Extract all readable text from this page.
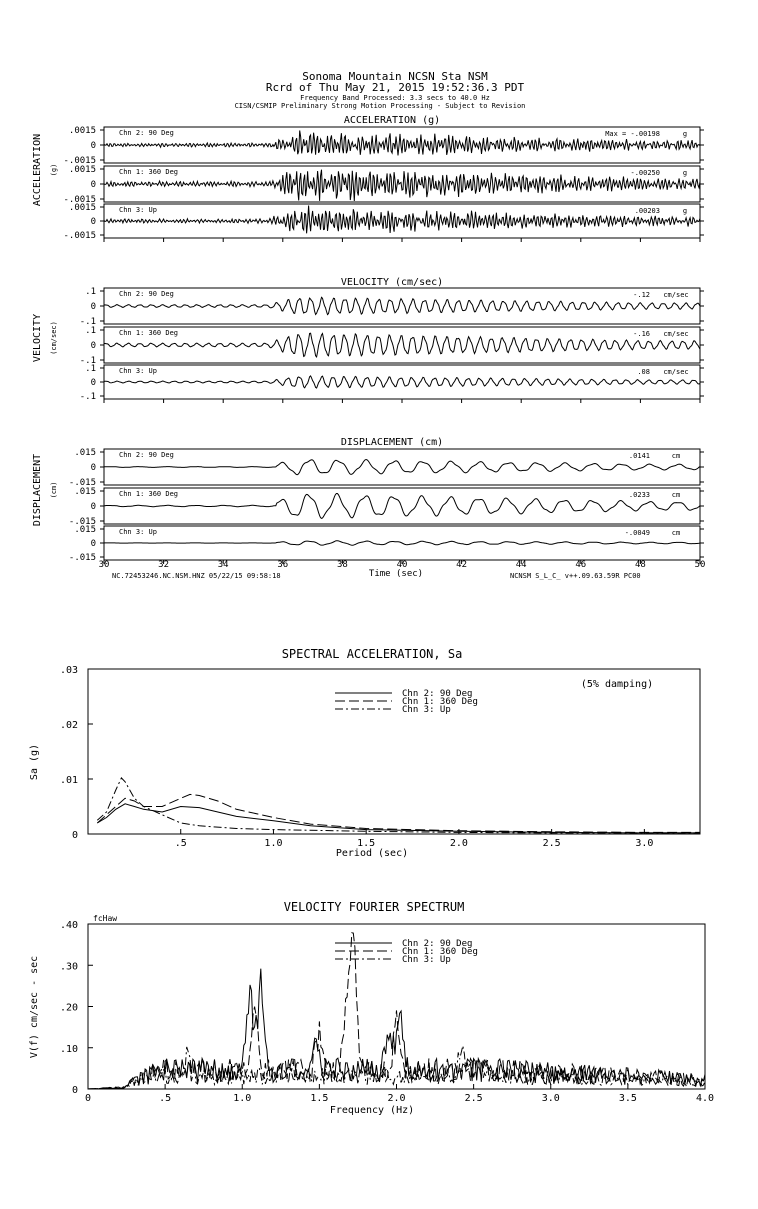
Sonoma Mountain NCSN Sta NSM
Rcrd of Thu May 21, 2015 19:52:36.3 PDT
Frequency Band Processed: 3.3 secs to 40.0 Hz
CISN/CSMIP Preliminary Strong Motion Processing - Subject to Revision
ACCELERATION (g)
ACCELERATION (g)
.0015
0
-.0015
Chn 2: 90 Deg	Max = -.00198	g
.0015
0
-.0015
Chn 1: 360 Deg	-.00250	g
.0015
0
-.0015
Chn 3: Up	.00203	g
VELOCITY (cm/sec)
VELOCITY (cm/sec)
.1
0
-.1
Chn 2: 90 Deg	-.12 cm/sec
.1
0
-.1
Chn 1: 360 Deg	-.16 cm/sec
.1
0
-.1
Chn 3: Up	.08 cm/sec
DISPLACEMENT (cm)
DISPLACEMENT (cm)
.015
0
-.015
Chn 2: 90 Deg	.0141	cm
.015
0
-.015
Chn 1: 360 Deg	.0233	cm
.015
0
-.015
Chn 3: Up	-.0049	cm
Time (sec)
NC.72453246.NC.NSM.HNZ 05/22/15 09:58:18	NCNSM S_L_C_ v++.09.63.59R PC00
30	32	34	36	38	40	42	44	46	48	50
SPECTRAL ACCELERATION, Sa
(5% damping)
Period (sec)
Sa (g)
.03
.02
.01
0
.5	1.0	1.5	2.0	2.5	3.0
Chn 2: 90 Deg
Chn 1: 360 Deg
Chn 3: Up
VELOCITY FOURIER SPECTRUM
fcHaw
Frequency (Hz)
V(f) cm/sec - sec
.40
.30
.20
.10
0
0	.5	1.0	1.5	2.0	2.5	3.0	3.5	4.0
Chn 2: 90 Deg
Chn 1: 360 Deg
Chn 3: Up
